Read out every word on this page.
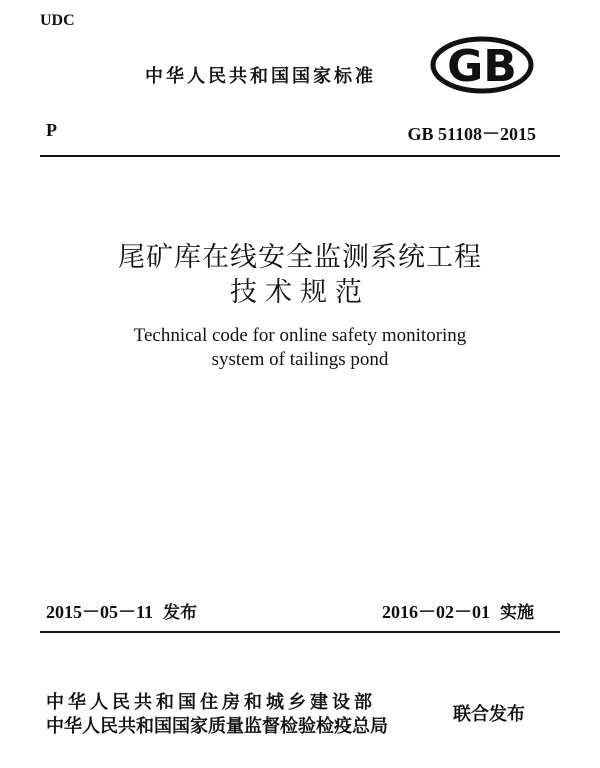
UDC
中华人民共和国国家标准 GB
P	GB 51108－2015
尾矿库在线安全监测系统工程
技术规范
Technical code for online safety monitoring
system of tailings pond
2015－05－11 发布	2016－02－01 实施
中华人民共和国住房和城乡建设部
中华人民共和国国家质量监督检验检疫总局
联合发布
